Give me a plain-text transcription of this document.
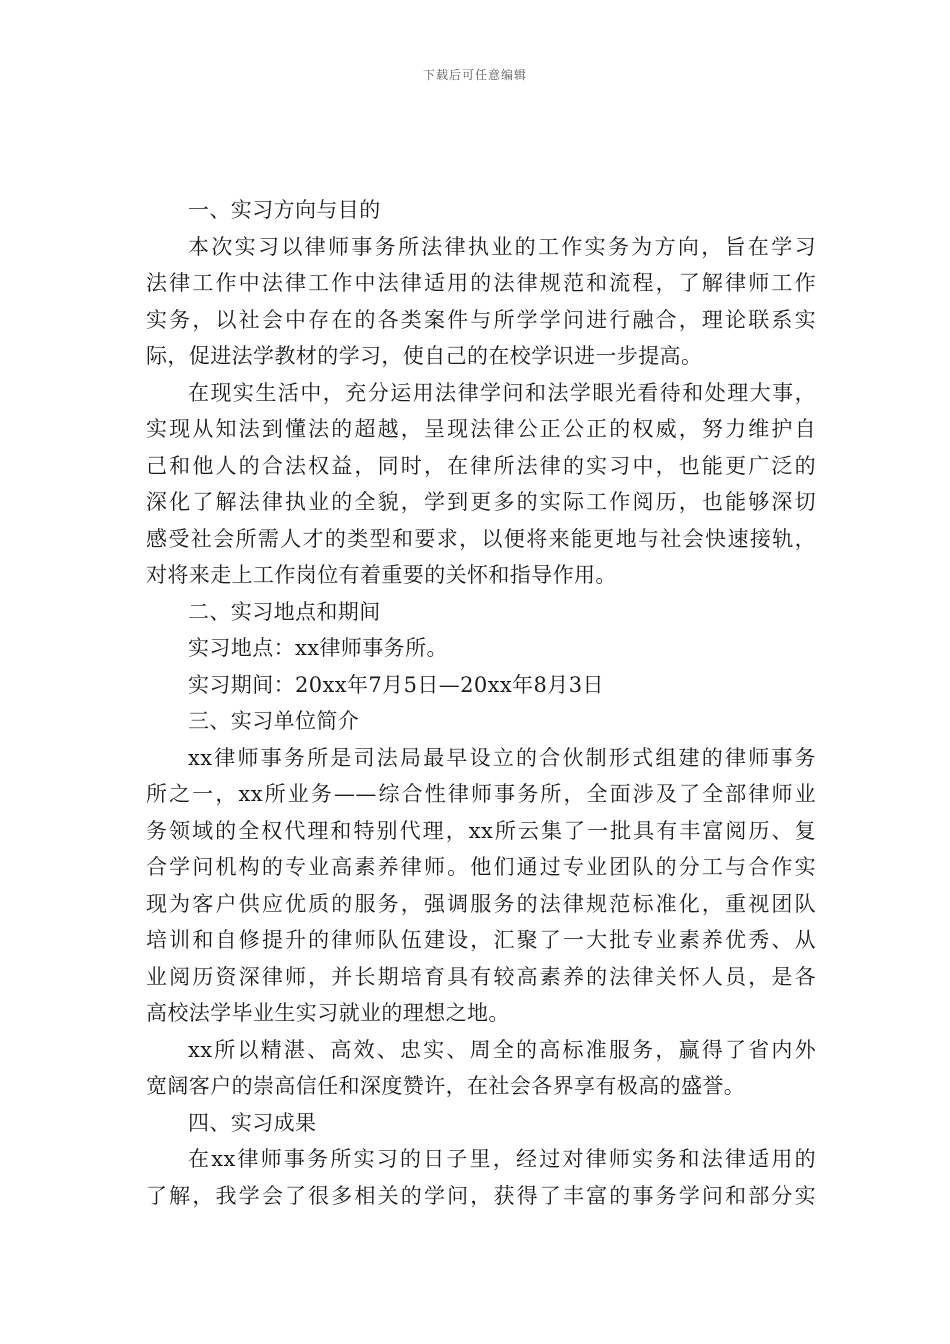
下载后可任意编辑
一、实习方向与目的
本次实习以律师事务所法律执业的工作实务为方向，旨在学习
法律工作中法律工作中法律适用的法律规范和流程，了解律师工作
实务，以社会中存在的各类案件与所学学问进行融合，理论联系实
际，促进法学教材的学习，使自己的在校学识进一步提高。
在现实生活中，充分运用法律学问和法学眼光看待和处理大事，
实现从知法到懂法的超越，呈现法律公正公正的权威，努力维护自
己和他人的合法权益，同时，在律所法律的实习中，也能更广泛的
深化了解法律执业的全貌，学到更多的实际工作阅历，也能够深切
感受社会所需人才的类型和要求，以便将来能更地与社会快速接轨，
对将来走上工作岗位有着重要的关怀和指导作用。
二、实习地点和期间
实习地点：xx律师事务所。
实习期间：20xx年7月5日—20xx年8月3日
三、实习单位简介
xx律师事务所是司法局最早设立的合伙制形式组建的律师事务
所之一，xx所业务——综合性律师事务所，全面涉及了全部律师业
务领域的全权代理和特别代理，xx所云集了一批具有丰富阅历、复
合学问机构的专业高素养律师。他们通过专业团队的分工与合作实
现为客户供应优质的服务，强调服务的法律规范标准化，重视团队
培训和自修提升的律师队伍建设，汇聚了一大批专业素养优秀、从
业阅历资深律师，并长期培育具有较高素养的法律关怀人员，是各
高校法学毕业生实习就业的理想之地。
xx所以精湛、高效、忠实、周全的高标准服务，赢得了省内外
宽阔客户的崇高信任和深度赞许，在社会各界享有极高的盛誉。
四、实习成果
在xx律师事务所实习的日子里，经过对律师实务和法律适用的
了解，我学会了很多相关的学问，获得了丰富的事务学问和部分实
